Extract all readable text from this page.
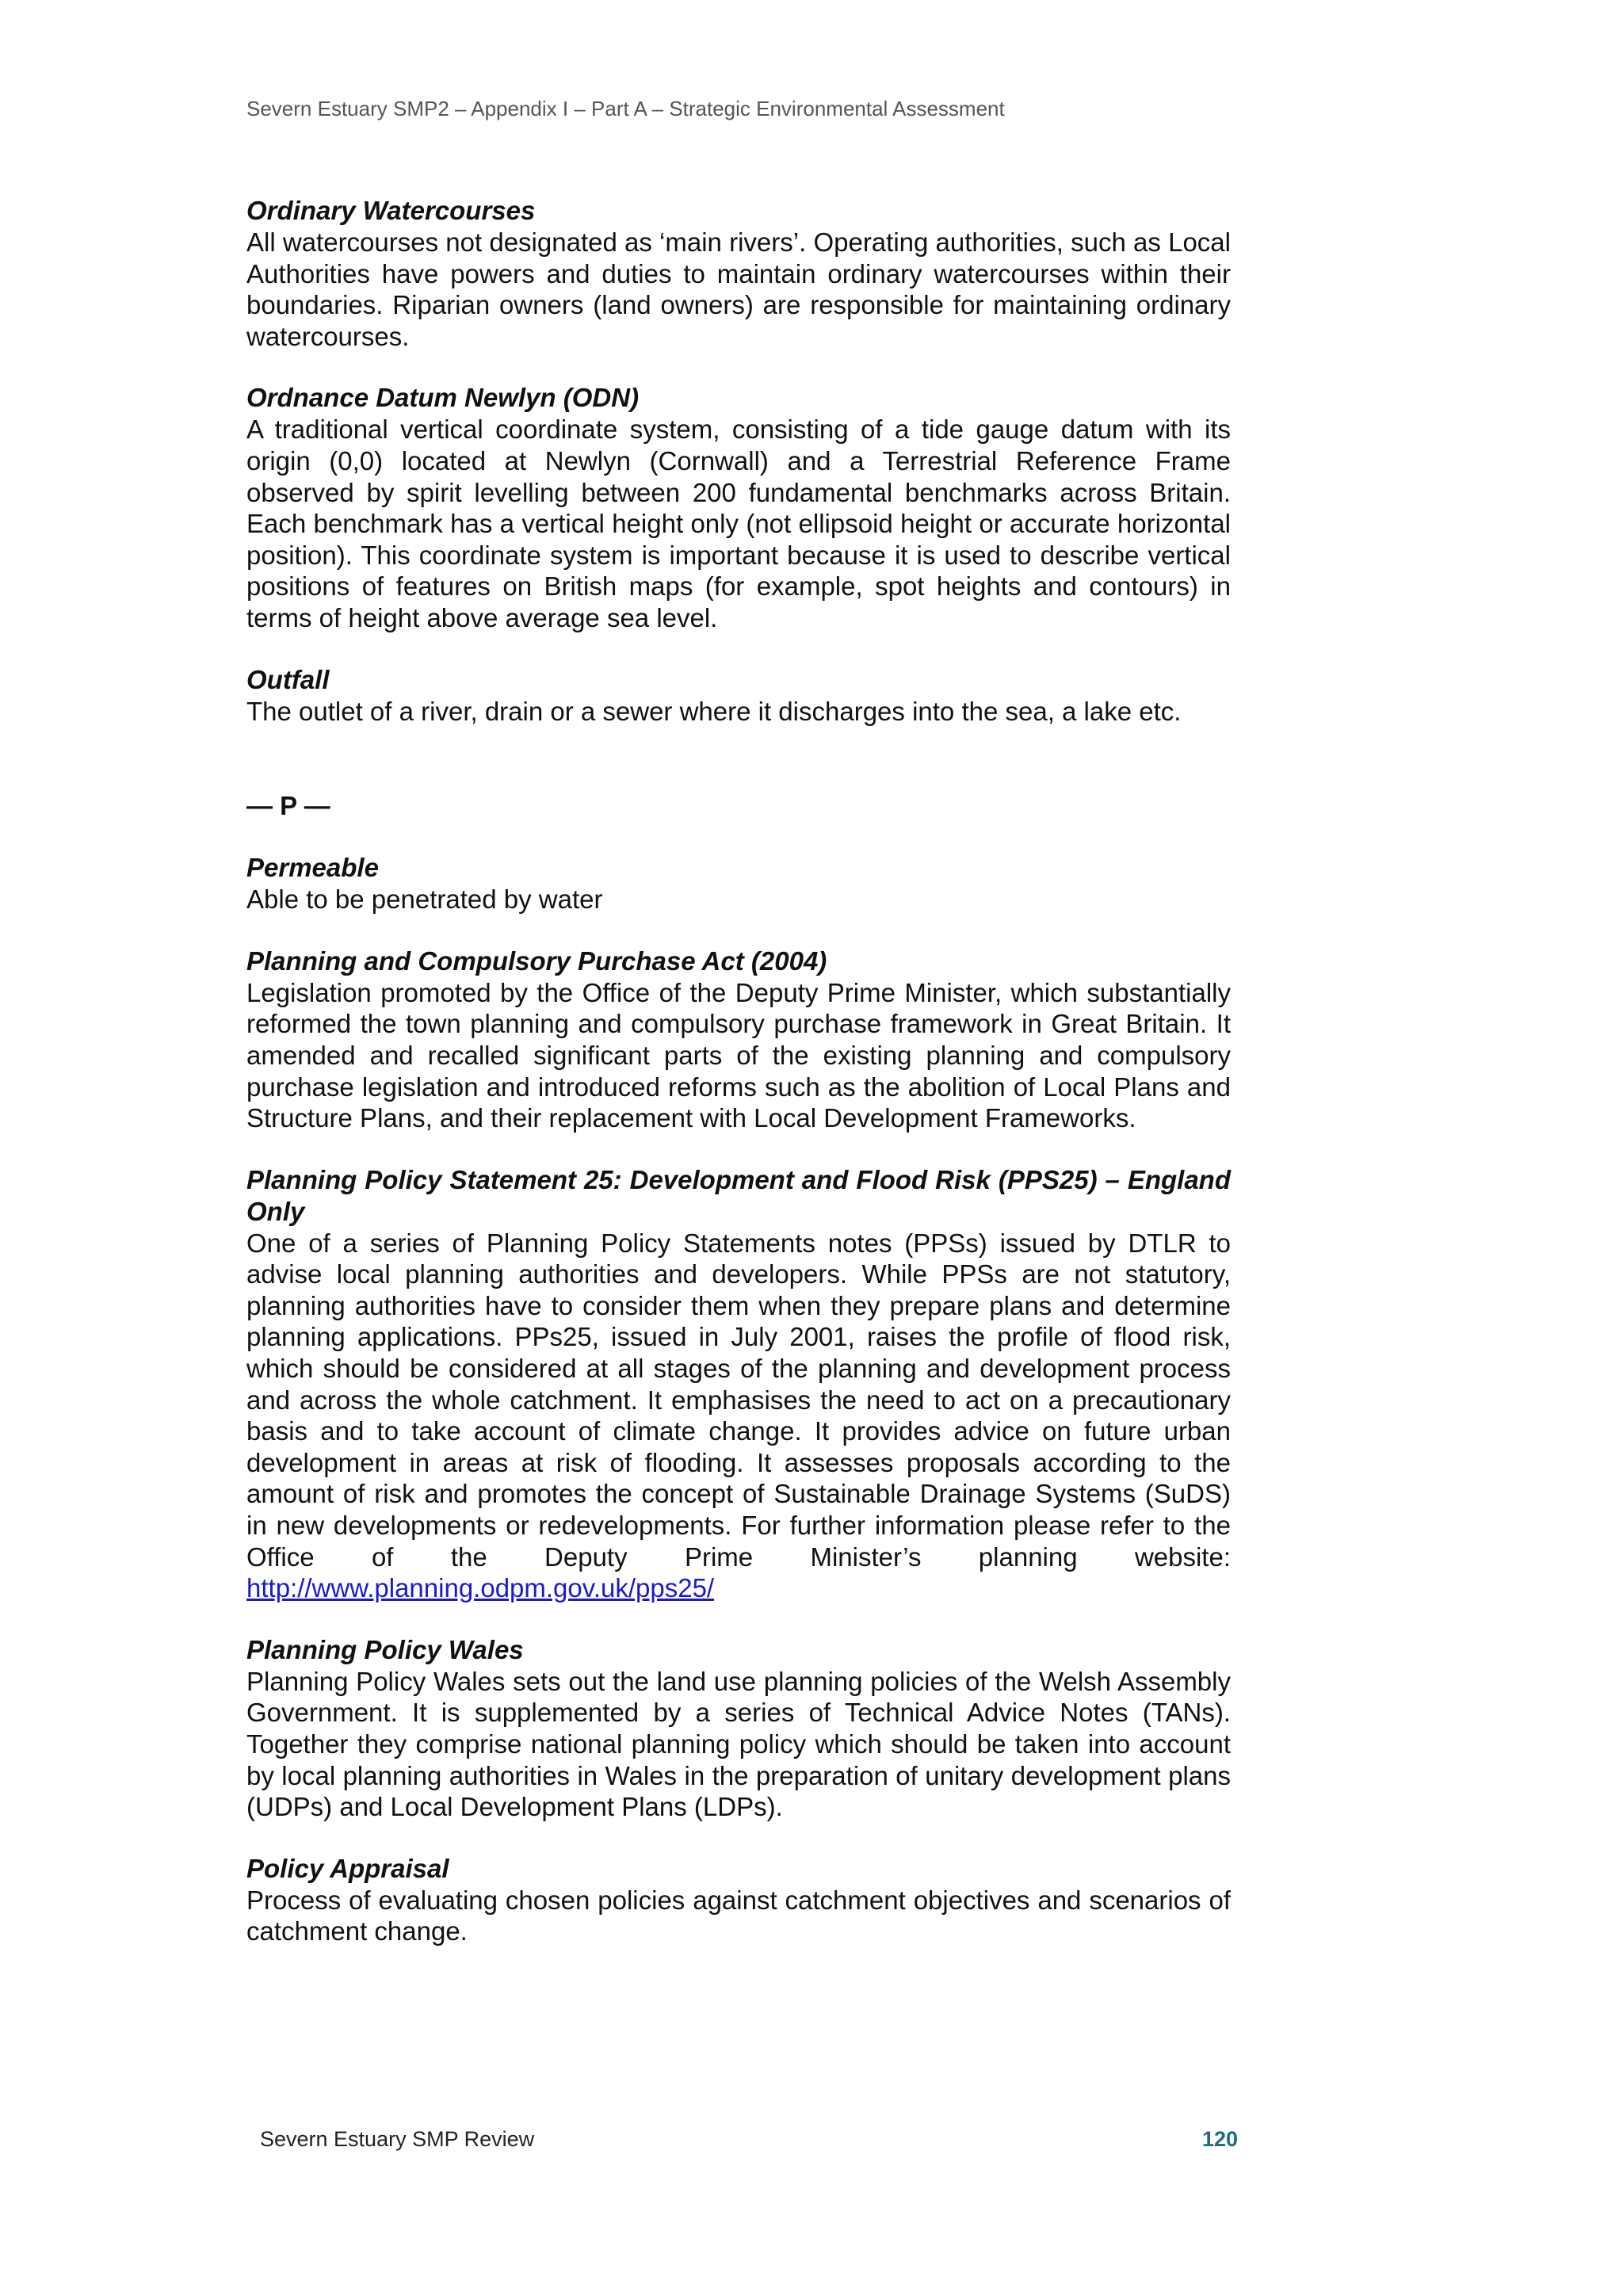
Severn Estuary SMP2 – Appendix I – Part A – Strategic Environmental Assessment

Ordinary Watercourses

All watercourses not designated as ‘main rivers’. Operating authorities, such as Local Authorities have powers and duties to maintain ordinary watercourses within their boundaries. Riparian owners (land owners) are responsible for maintaining ordinary watercourses.

Ordnance Datum Newlyn (ODN)

A traditional vertical coordinate system, consisting of a tide gauge datum with its origin (0,0) located at Newlyn (Cornwall) and a Terrestrial Reference Frame observed by spirit levelling between 200 fundamental benchmarks across Britain. Each benchmark has a vertical height only (not ellipsoid height or accurate horizontal position). This coordinate system is important because it is used to describe vertical positions of features on British maps (for example, spot heights and contours) in terms of height above average sea level.

Outfall

The outlet of a river, drain or a sewer where it discharges into the sea, a lake etc.

— P —

Permeable

Able to be penetrated by water

Planning and Compulsory Purchase Act (2004)

Legislation promoted by the Office of the Deputy Prime Minister, which substantially reformed the town planning and compulsory purchase framework in Great Britain. It amended and recalled significant parts of the existing planning and compulsory purchase legislation and introduced reforms such as the abolition of Local Plans and Structure Plans, and their replacement with Local Development Frameworks.

Planning Policy Statement 25: Development and Flood Risk (PPS25) – England Only

One of a series of Planning Policy Statements notes (PPSs) issued by DTLR to advise local planning authorities and developers. While PPSs are not statutory, planning authorities have to consider them when they prepare plans and determine planning applications. PPs25, issued in July 2001, raises the profile of flood risk, which should be considered at all stages of the planning and development process and across the whole catchment. It emphasises the need to act on a precautionary basis and to take account of climate change. It provides advice on future urban development in areas at risk of flooding. It assesses proposals according to the amount of risk and promotes the concept of Sustainable Drainage Systems (SuDS) in new developments or redevelopments. For further information please refer to the Office of the Deputy Prime Minister’s planning website: http://www.planning.odpm.gov.uk/pps25/

Planning Policy Wales

Planning Policy Wales sets out the land use planning policies of the Welsh Assembly Government. It is supplemented by a series of Technical Advice Notes (TANs). Together they comprise national planning policy which should be taken into account by local planning authorities in Wales in the preparation of unitary development plans (UDPs) and Local Development Plans (LDPs).

Policy Appraisal

Process of evaluating chosen policies against catchment objectives and scenarios of catchment change.

Severn Estuary SMP Review	120
